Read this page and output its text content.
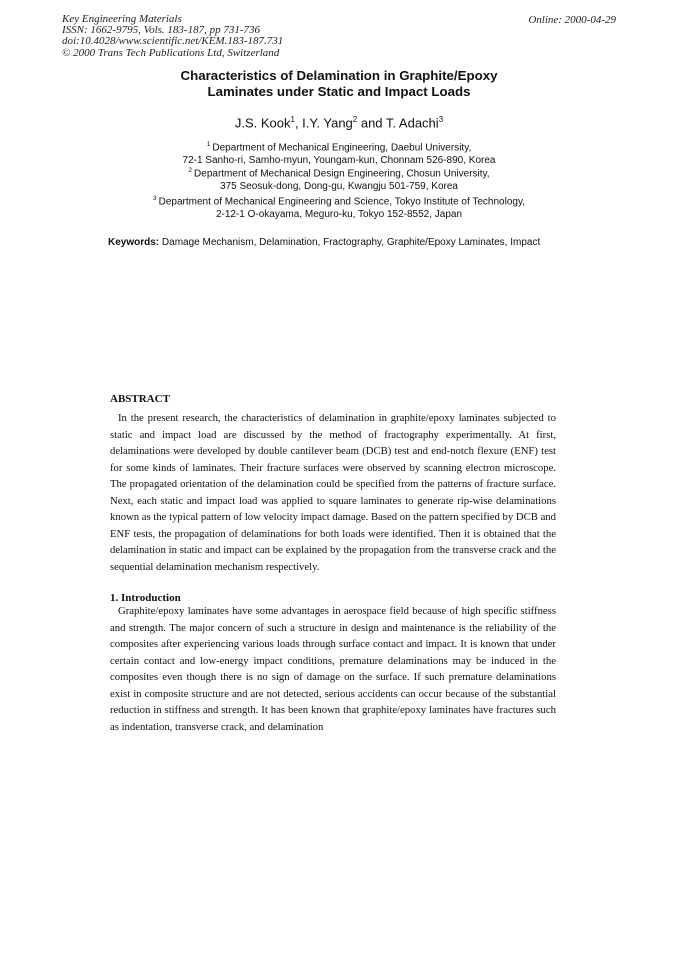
Key Engineering Materials
ISSN: 1662-9795, Vols. 183-187, pp 731-736
doi:10.4028/www.scientific.net/KEM.183-187.731
© 2000 Trans Tech Publications Ltd, Switzerland
Online: 2000-04-29
Characteristics of Delamination in Graphite/Epoxy
Laminates under Static and Impact Loads
J.S. Kook$^1$, I.Y. Yang$^2$ and T. Adachi$^3$
$^1$  Department of Mechanical Engineering, Daebul University,
72-1 Sanho-ri, Samho-myun, Youngam-kun, Chonnam 526-890, Korea
$^2$  Department of Mechanical Design Engineering, Chosun University,
375 Seosuk-dong, Dong-gu, Kwangju 501-759, Korea
$^3$  Department of Mechanical Engineering and Science, Tokyo Institute of Technology,
2-12-1 O-okayama, Meguro-ku, Tokyo 152-8552, Japan
Keywords: Damage Mechanism, Delamination, Fractography, Graphite/Epoxy Laminates, Impact
ABSTRACT

In the present research, the characteristics of delamination in graphite/epoxy laminates subjected to static and impact load are discussed by the method of fractography experimentally. At first, delaminations were developed by double cantilever beam (DCB) test and end-notch flexure (ENF) test for some kinds of laminates. Their fracture surfaces were observed by scanning electron microscope. The propagated orientation of the delamination could be specified from the patterns of fracture surface. Next, each static and impact load was applied to square laminates to generate rip-wise delaminations known as the typical pattern of low velocity impact damage. Based on the pattern specified by DCB and ENF tests, the propagation of delaminations for both loads were identified. Then it is obtained that the delamination in static and impact can be explained by the propagation from the transverse crack and the sequential delamination mechanism respectively.

1. Introduction

Graphite/epoxy laminates have some advantages in aerospace field because of high specific stiffness and strength. The major concern of such a structure in design and maintenance is the reliability of the composites after experiencing various loads through surface contact and impact. It is known that under certain contact and low-energy impact conditions, premature delaminations may be induced in the composites even though there is no sign of damage on the surface. If such premature delaminations exist in composite structure and are not detected, serious accidents can occur because of the substantial reduction in stiffness and strength. It has been known that graphite/epoxy laminates have fractures such as indentation, transverse crack, and delamination
